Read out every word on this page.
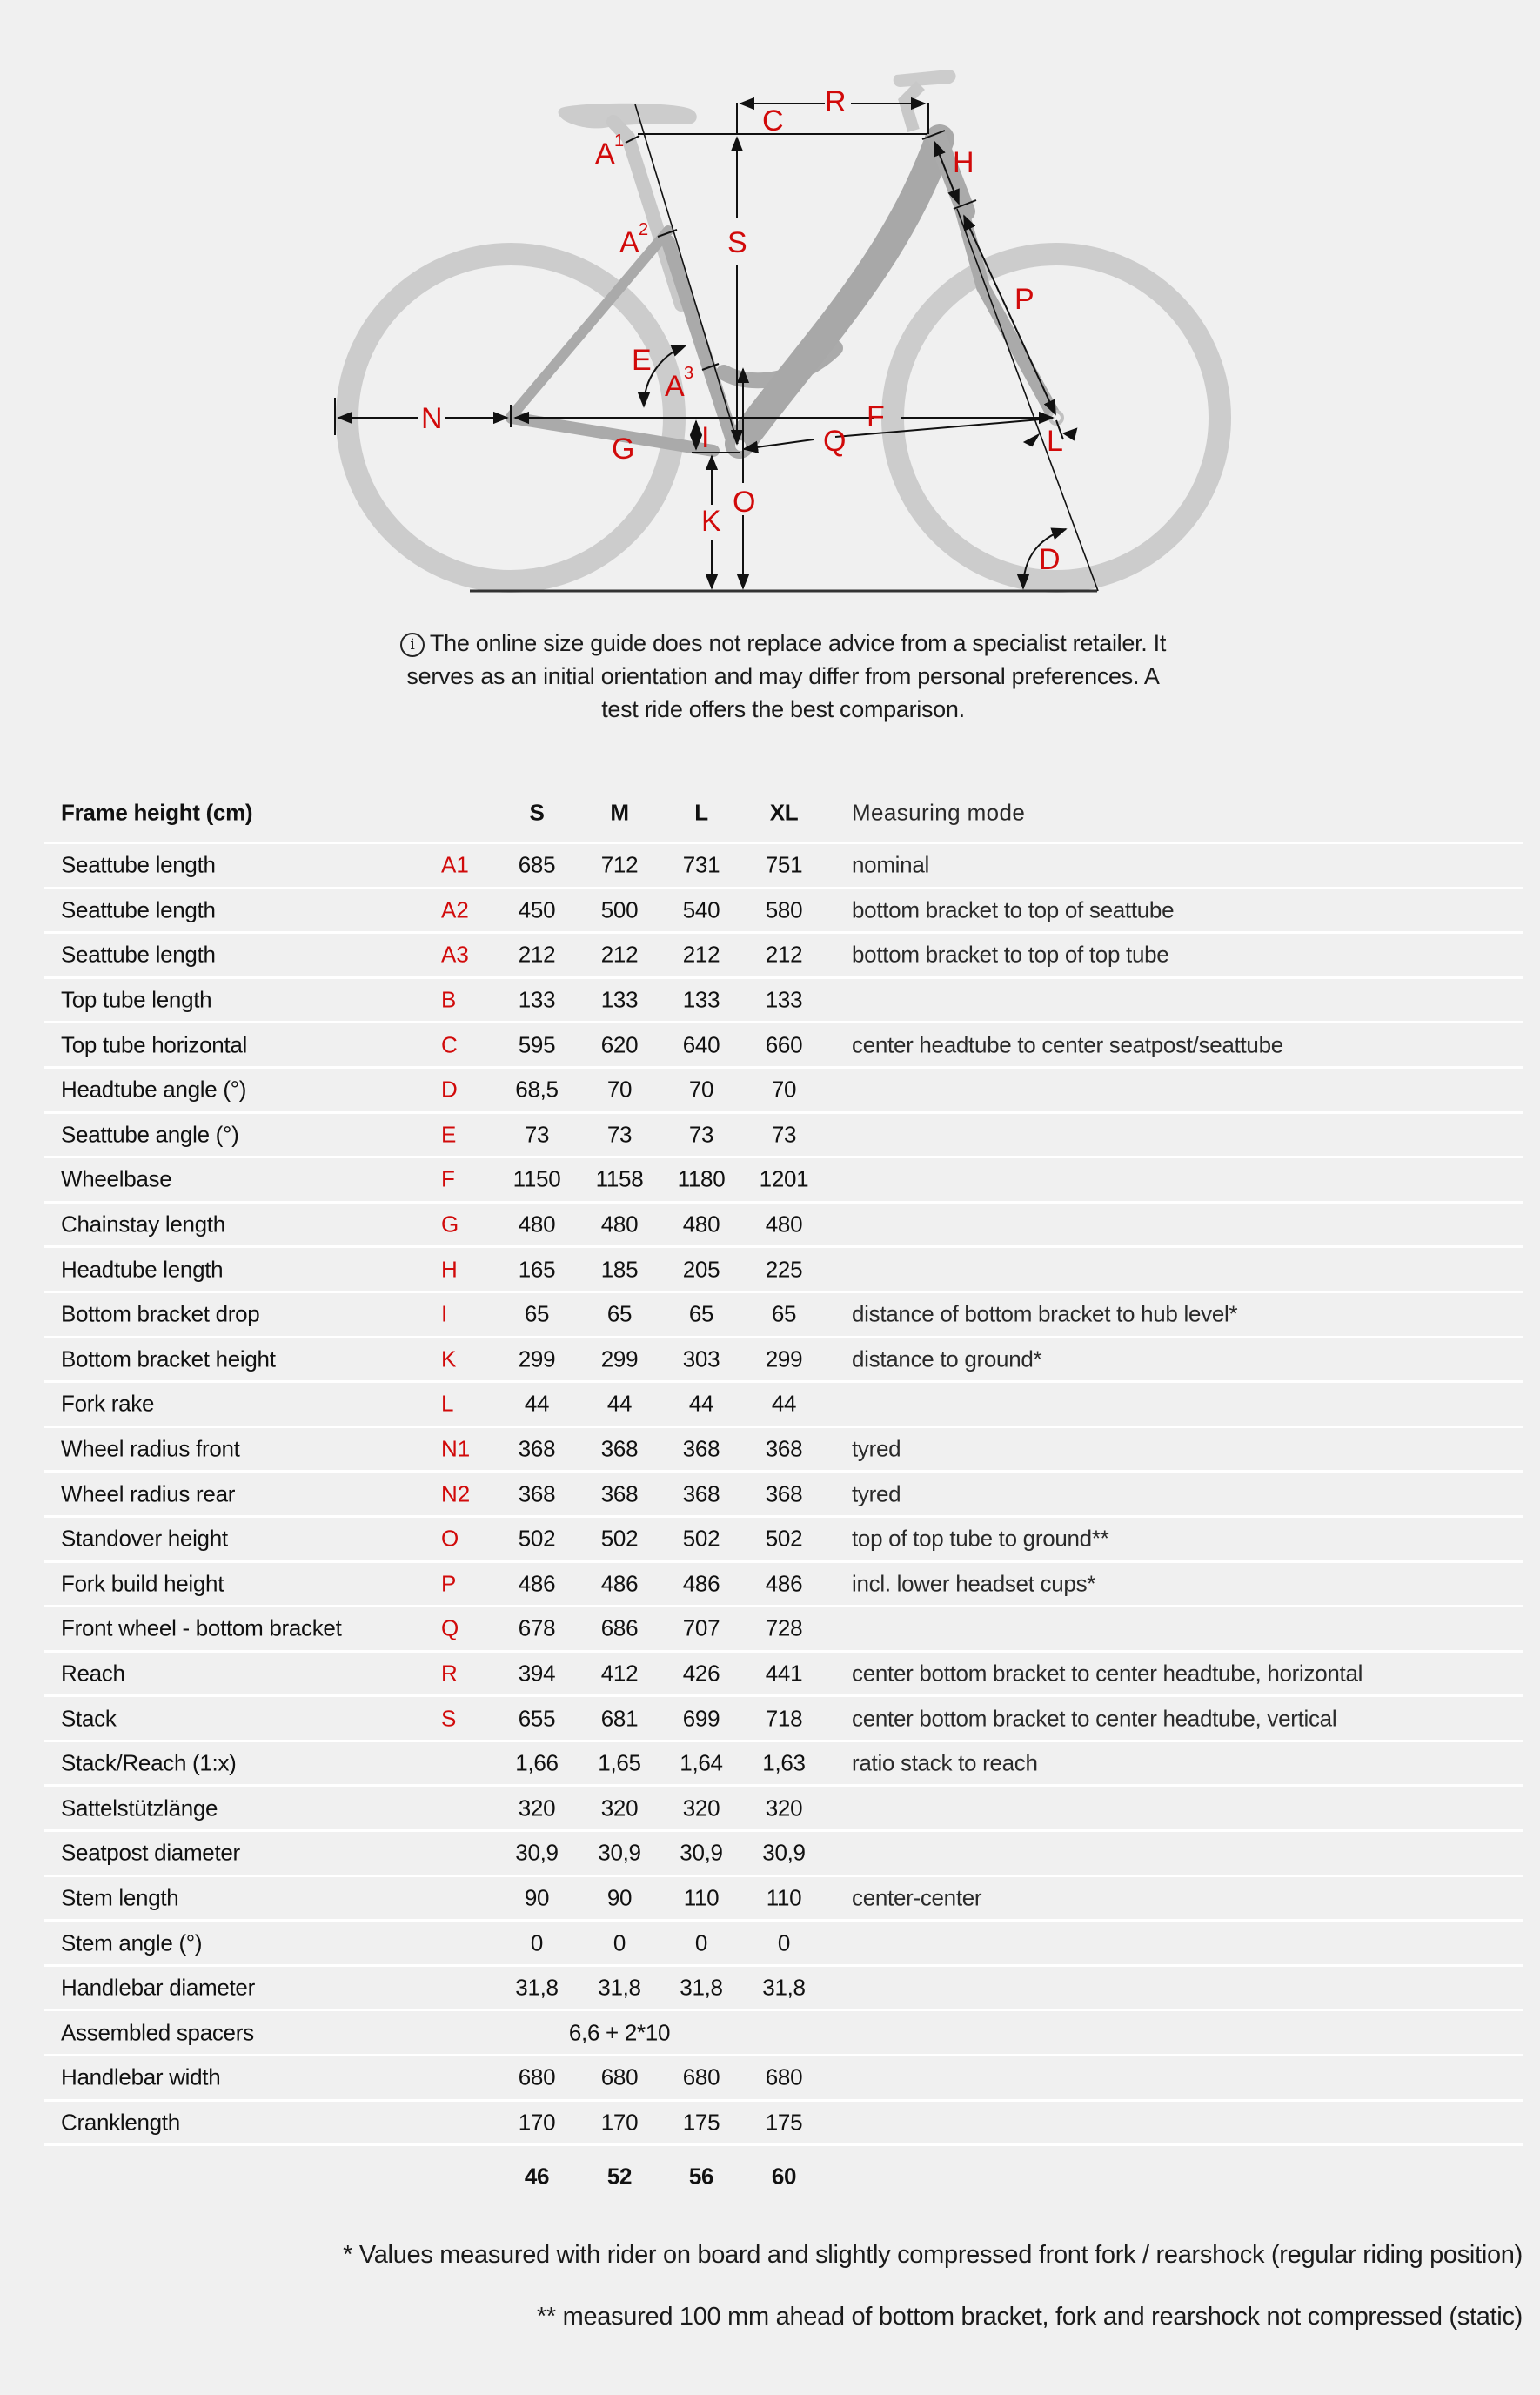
A 1
A 2
A 3
C
R
S
H
P
E
N
G I
F
Q	L
K
O
D
i The online size guide does not replace advice from a specialist retailer. It
serves as an initial orientation and may differ from personal preferences. A
test ride offers the best comparison.
Frame height (cm)	S	M	L	XL	Measuring mode
Seattube length	A1	685	712	731	751	nominal
Seattube length	A2	450	500	540	580	bottom bracket to top of seattube
Seattube length	A3	212	212	212	212	bottom bracket to top of top tube
Top tube length	B	133	133	133	133
Top tube horizontal	C	595	620	640	660	center headtube to center seatpost/seattube
Headtube angle (°)	D	68,5	70	70	70
Seattube angle (°)	E	73	73	73	73
Wheelbase	F	1150	1158	1180	1201
Chainstay length	G	480	480	480	480
Headtube length	H	165	185	205	225
Bottom bracket drop	I	65	65	65	65	distance of bottom bracket to hub level*
Bottom bracket height	K	299	299	303	299	distance to ground*
Fork rake	L	44	44	44	44
Wheel radius front	N1	368	368	368	368	tyred
Wheel radius rear	N2	368	368	368	368	tyred
Standover height	O	502	502	502	502	top of top tube to ground**
Fork build height	P	486	486	486	486	incl. lower headset cups*
Front wheel - bottom bracket	Q	678	686	707	728
Reach	R	394	412	426	441	center bottom bracket to center headtube, horizontal
Stack	S	655	681	699	718	center bottom bracket to center headtube, vertical
Stack/Reach (1:x)	1,66	1,65	1,64	1,63	ratio stack to reach
Sattelstützlänge	320	320	320	320
Seatpost diameter	30,9	30,9	30,9	30,9
Stem length	90	90	110	110	center-center
Stem angle (°)	0	0	0	0
Handlebar diameter	31,8	31,8	31,8	31,8
Assembled spacers	6,6 + 2*10
Handlebar width	680	680	680	680
Cranklength	170	170	175	175
46	52	56	60
* Values measured with rider on board and slightly compressed front fork / rearshock (regular riding position)
** measured 100 mm ahead of bottom bracket, fork and rearshock not compressed (static)
